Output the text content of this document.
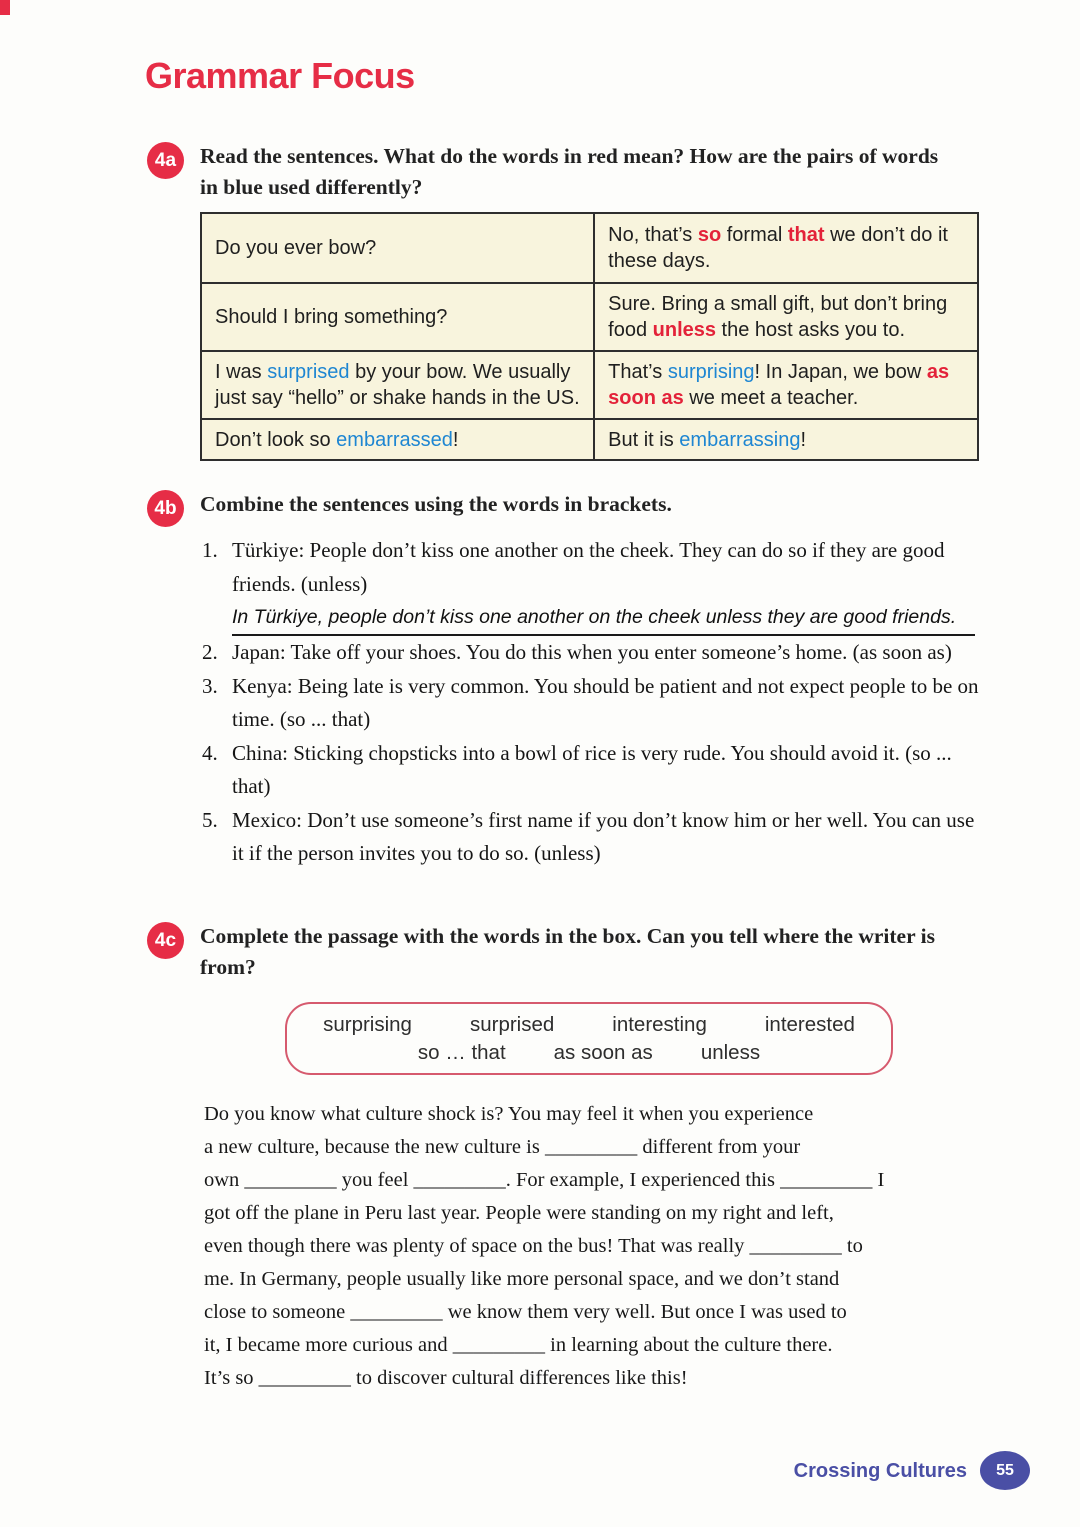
Grammar Focus
4a	Read the sentences. What do the words in red mean? How are the pairs of words in blue used differently?

Do you ever bow?	No, that’s so formal that we don’t do it these days.
Should I bring something?	Sure. Bring a small gift, but don’t bring food unless the host asks you to.
I was surprised by your bow. We usually just say “hello” or shake hands in the US.	That’s surprising! In Japan, we bow as soon as we meet a teacher.
Don’t look so embarrassed!	But it is embarrassing!
4b	Combine the sentences using the words in brackets.

1. Türkiye: People don’t kiss one another on the cheek. They can do so if they are good friends. (unless)
In Türkiye, people don’t kiss one another on the cheek unless they are good friends.
2. Japan: Take off your shoes. You do this when you enter someone’s home. (as soon as)
3. Kenya: Being late is very common. You should be patient and not expect people to be on time. (so ... that)
4. China: Sticking chopsticks into a bowl of rice is very rude. You should avoid it. (so ... that)
5. Mexico: Don’t use someone’s first name if you don’t know him or her well. You can use it if the person invites you to do so. (unless)
4c	Complete the passage with the words in the box. Can you tell where the writer is from?

surprising	surprised	interesting	interested
so … that as soon as unless
Do you know what culture shock is? You may feel it when you experience
a new culture, because the new culture is _________ different from your
own _________ you feel _________. For example, I experienced this _________ I
got off the plane in Peru last year. People were standing on my right and left,
even though there was plenty of space on the bus! That was really _________ to
me. In Germany, people usually like more personal space, and we don’t stand
close to someone _________ we know them very well. But once I was used to
it, I became more curious and _________ in learning about the culture there.
It’s so _________ to discover cultural differences like this!
Crossing Cultures 55
